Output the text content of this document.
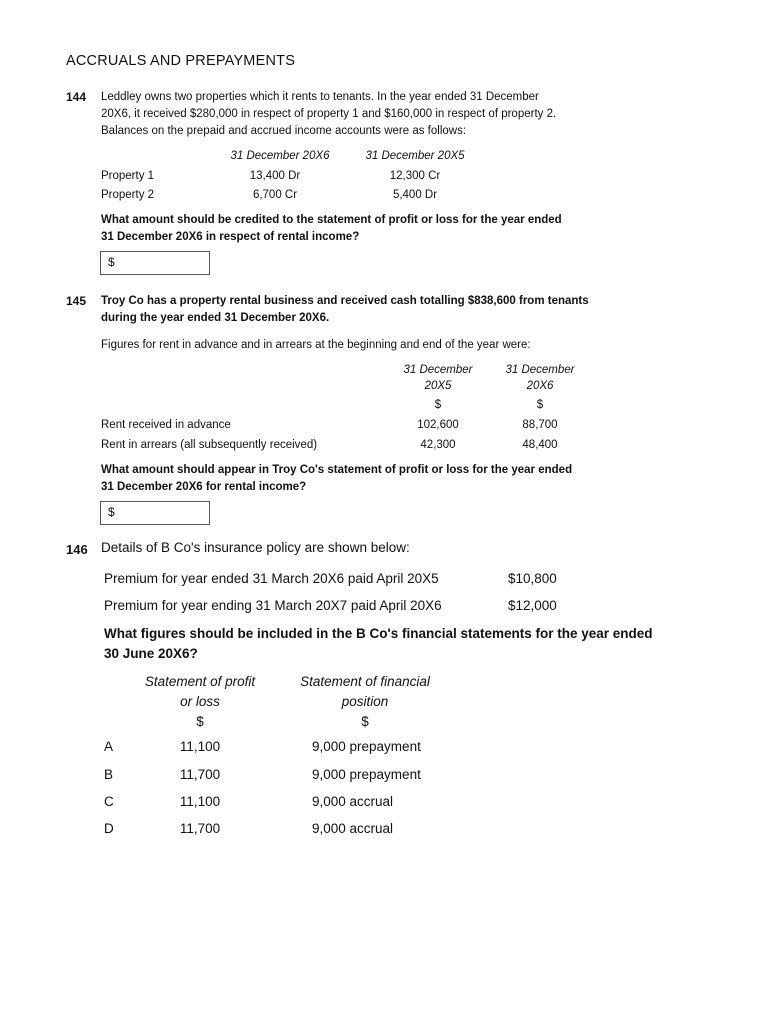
ACCRUALS AND PREPAYMENTS
144 Leddley owns two properties which it rents to tenants. In the year ended 31 December
20X6, it received $280,000 in respect of property 1 and $160,000 in respect of property 2.
Balances on the prepaid and accrued income accounts were as follows:
31 December 20X6	31 December 20X5
Property 1	13,400 Dr	12,300 Cr
Property 2	6,700 Cr	5,400 Dr
What amount should be credited to the statement of profit or loss for the year ended
31 December 20X6 in respect of rental income?
$
145 Troy Co has a property rental business and received cash totalling $838,600 from tenants
during the year ended 31 December 20X6.
Figures for rent in advance and in arrears at the beginning and end of the year were:
31 December
20X5
31 December
20X6
$	$
Rent received in advance	102,600	88,700
Rent in arrears (all subsequently received)	42,300	48,400
What amount should appear in Troy Co's statement of profit or loss for the year ended
31 December 20X6 for rental income?
$
146 Details of B Co's insurance policy are shown below:
Premium for year ended 31 March 20X6 paid April 20X5	$10,800
Premium for year ending 31 March 20X7 paid April 20X6	$12,000
What figures should be included in the B Co's financial statements for the year ended
30 June 20X6?
Statement of profit
or loss
Statement of financial
position
$	$
A	11,100	9,000 prepayment
B	11,700	9,000 prepayment
C	11,100	9,000 accrual
D	11,700	9,000 accrual
